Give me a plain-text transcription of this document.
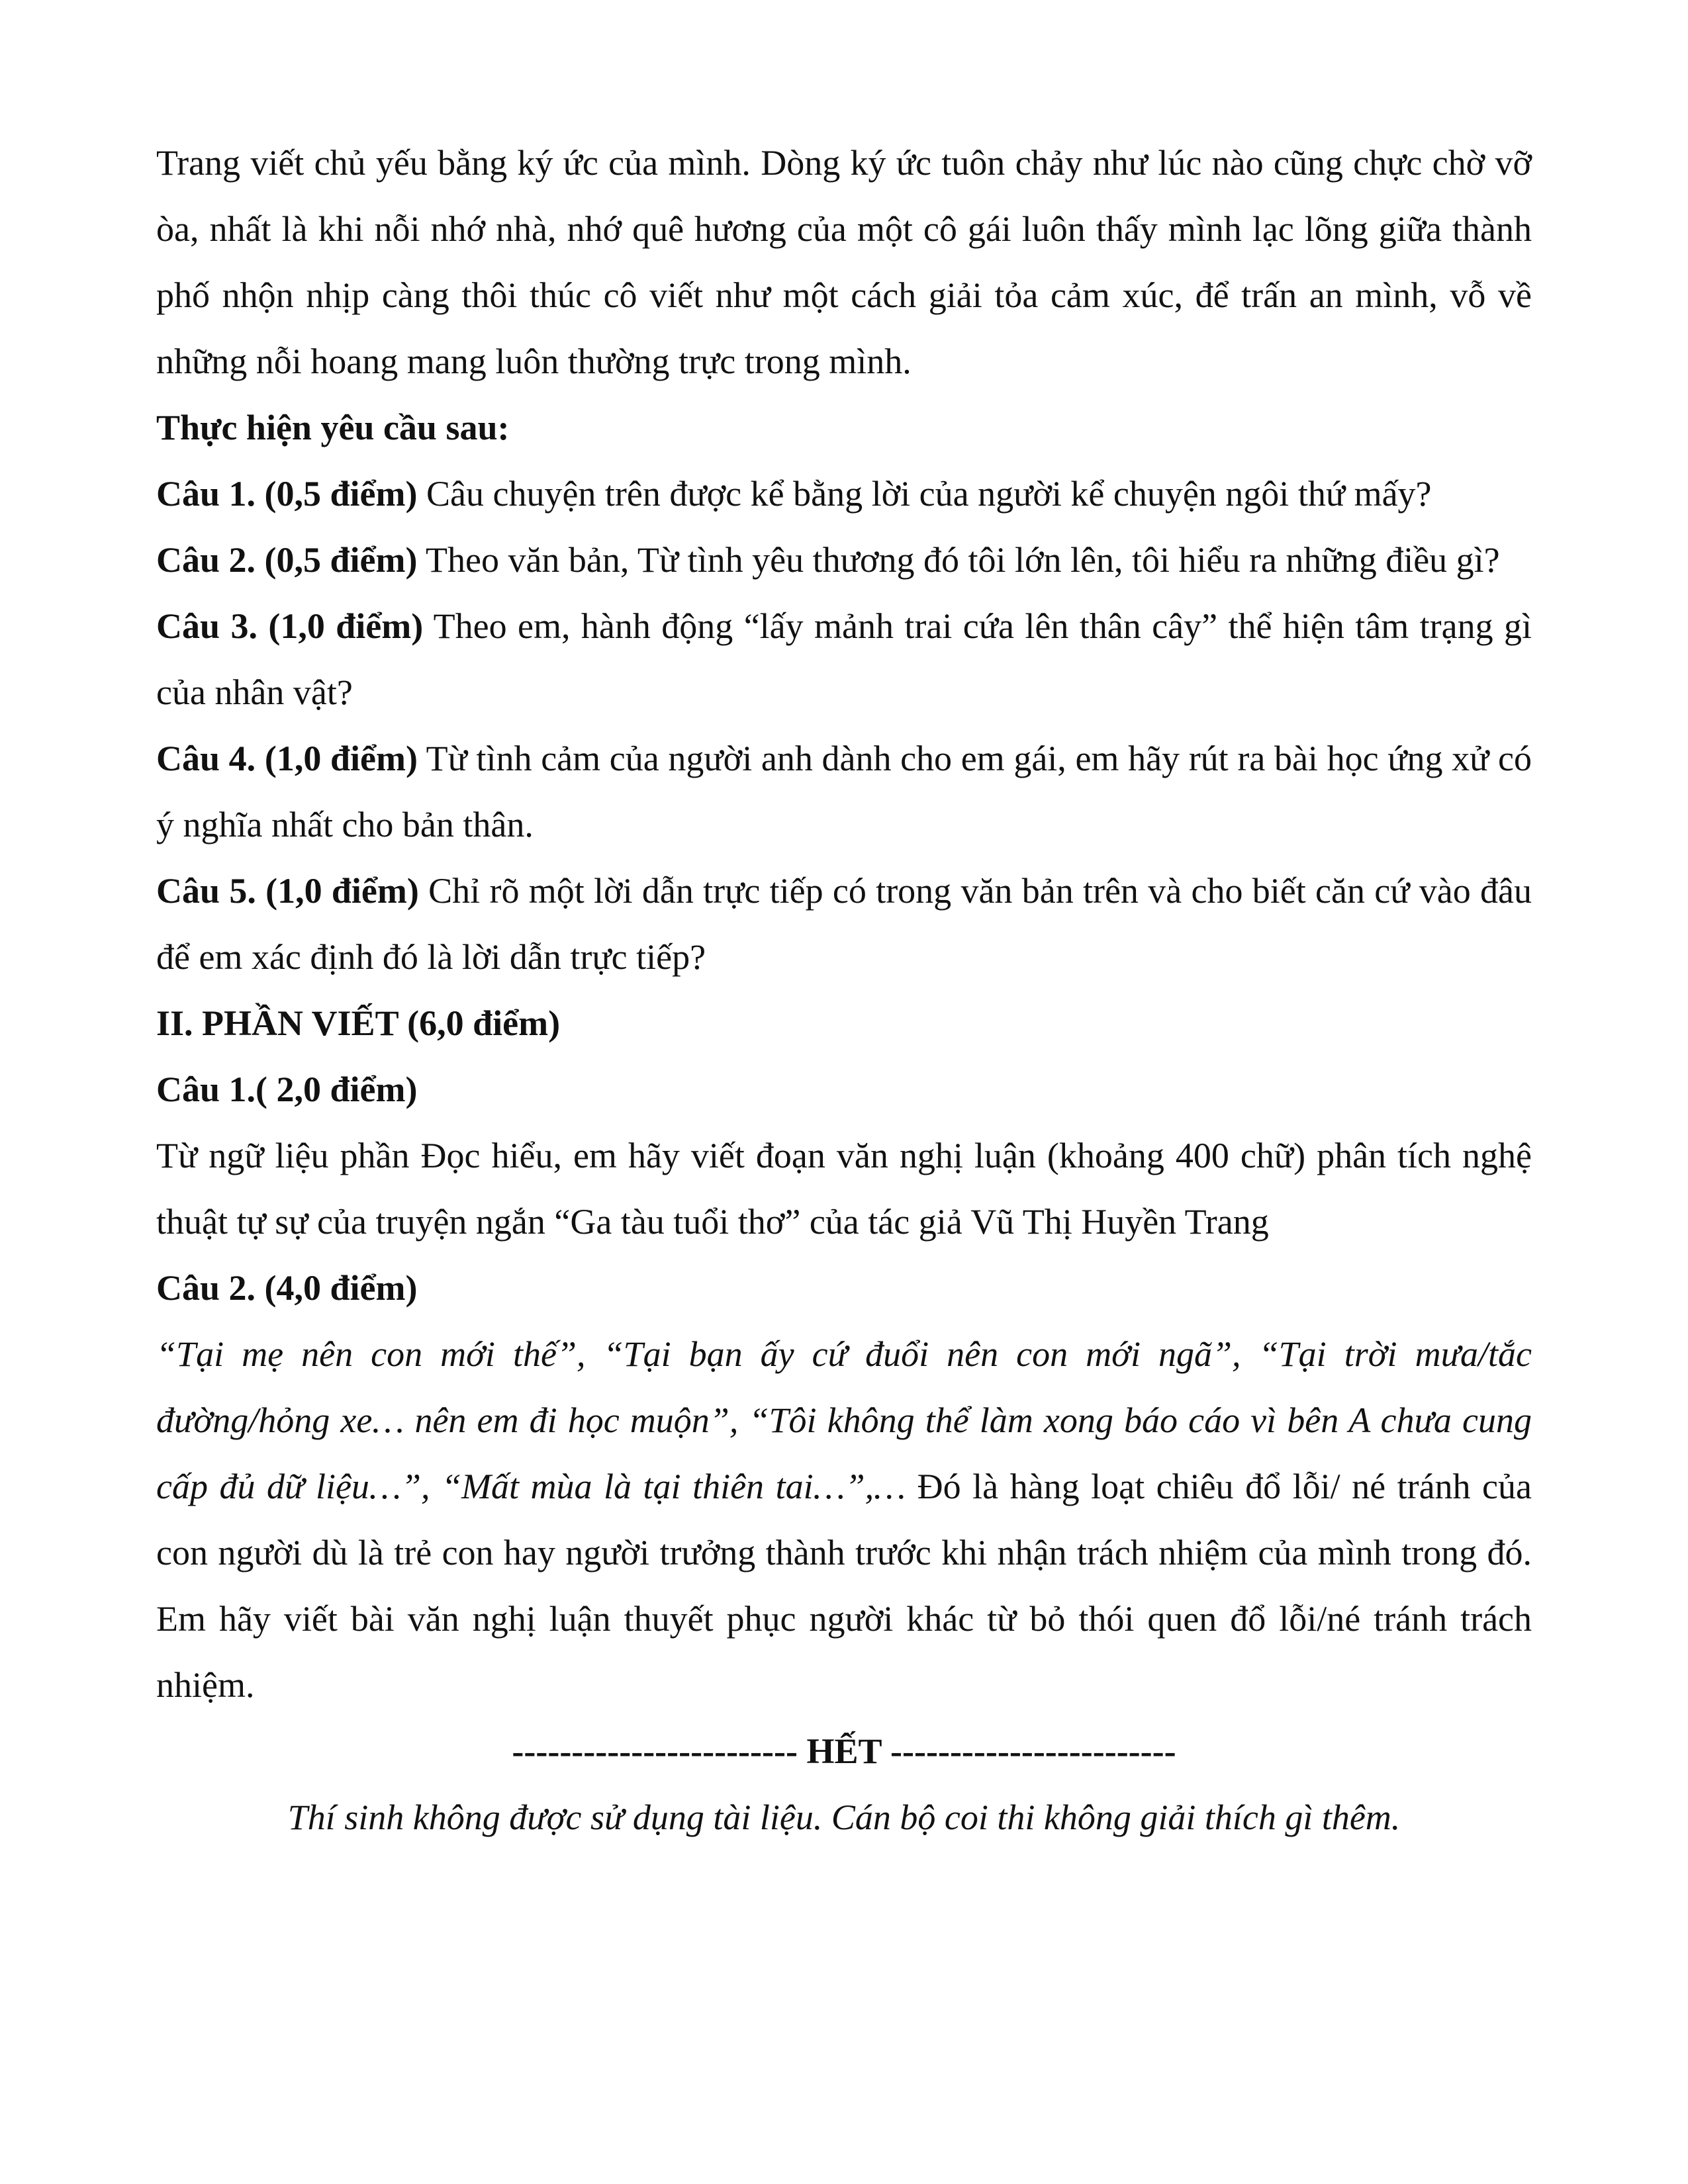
Trang viết chủ yếu bằng ký ức của mình. Dòng ký ức tuôn chảy như lúc nào cũng chực chờ vỡ òa, nhất là khi nỗi nhớ nhà, nhớ quê hương của một cô gái luôn thấy mình lạc lõng giữa thành phố nhộn nhịp càng thôi thúc cô viết như một cách giải tỏa cảm xúc, để trấn an mình, vỗ về những nỗi hoang mang luôn thường trực trong mình.

Thực hiện yêu cầu sau:

Câu 1. (0,5 điểm) Câu chuyện trên được kể bằng lời của người kể chuyện ngôi thứ mấy?

Câu 2. (0,5 điểm) Theo văn bản, Từ tình yêu thương đó tôi lớn lên, tôi hiểu ra những điều gì?

Câu 3. (1,0 điểm) Theo em, hành động “lấy mảnh trai cứa lên thân cây” thể hiện tâm trạng gì của nhân vật?

Câu 4. (1,0 điểm) Từ tình cảm của người anh dành cho em gái, em hãy rút ra bài học ứng xử có ý nghĩa nhất cho bản thân.

Câu 5. (1,0 điểm) Chỉ rõ một lời dẫn trực tiếp có trong văn bản trên và cho biết căn cứ vào đâu để em xác định đó là lời dẫn trực tiếp?

II. PHẦN VIẾT (6,0 điểm)

Câu 1.( 2,0 điểm)

Từ ngữ liệu phần Đọc hiểu, em hãy viết đoạn văn nghị luận (khoảng 400 chữ) phân tích nghệ thuật tự sự của truyện ngắn “Ga tàu tuổi thơ” của tác giả Vũ Thị Huyền Trang

Câu 2. (4,0 điểm)

“Tại mẹ nên con mới thế”, “Tại bạn ấy cứ đuổi nên con mới ngã”, “Tại trời mưa/tắc đường/hỏng xe… nên em đi học muộn”, “Tôi không thể làm xong báo cáo vì bên A chưa cung cấp đủ dữ liệu…”, “Mất mùa là tại thiên tai…”,… Đó là hàng loạt chiêu đổ lỗi/ né tránh của con người dù là trẻ con hay người trưởng thành trước khi nhận trách nhiệm của mình trong đó. Em hãy viết bài văn nghị luận thuyết phục người khác từ bỏ thói quen đổ lỗi/né tránh trách nhiệm.

------------------------ HẾT ------------------------

Thí sinh không được sử dụng tài liệu. Cán bộ coi thi không giải thích gì thêm.
